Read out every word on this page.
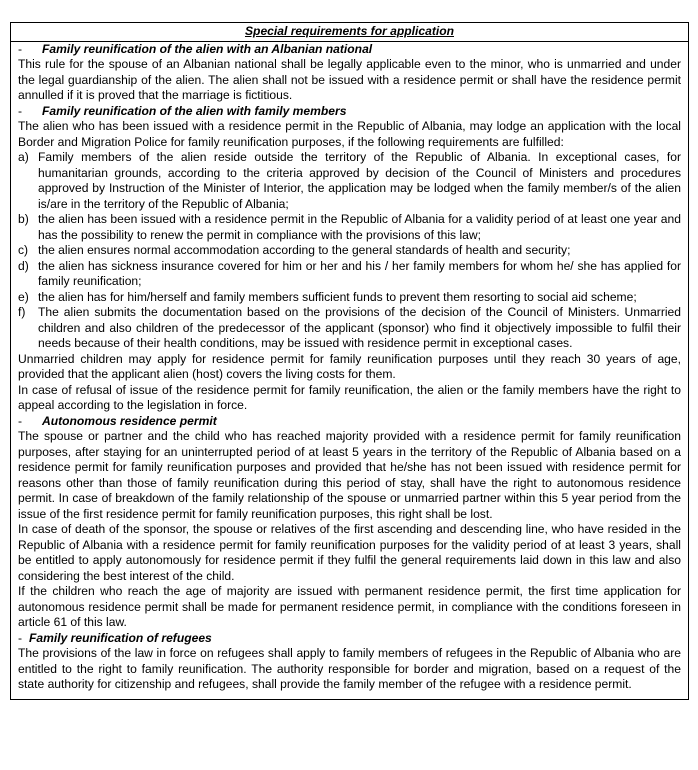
Special requirements for application
-	Family reunification of the alien with an Albanian national

This rule for the spouse of an Albanian national shall be legally applicable even to the minor, who is unmarried and under the legal guardianship of the alien. The alien shall not be issued with a residence permit or shall have the residence permit annulled if it is proved that the marriage is fictitious.

-	Family reunification of the alien with family members

The alien who has been issued with a residence permit in the Republic of Albania, may lodge an application with the local Border and Migration Police for family reunification purposes, if the following requirements are fulfilled:

a) Family members of the alien reside outside the territory of the Republic of Albania. In exceptional cases, for humanitarian grounds, according to the criteria approved by decision of the Council of Ministers and procedures approved by Instruction of the Minister of Interior, the application may be lodged when the family member/s of the alien is/are in the territory of the Republic of Albania;
b) the alien has been issued with a residence permit in the Republic of Albania for a validity period of at least one year and has the possibility to renew the permit in compliance with the provisions of this law;
c) the alien ensures normal accommodation according to the general standards of health and security;
d) the alien has sickness insurance covered for him or her and his / her family members for whom he/ she has applied for family reunification;
e) the alien has for him/herself and family members sufficient funds to prevent them resorting to social aid scheme;
f)	The alien submits the documentation based on the provisions of the decision of the Council of Ministers. Unmarried children and also children of the predecessor of the applicant (sponsor) who find it objectively impossible to fulfil their needs because of their health conditions, may be issued with residence permit in exceptional cases.

Unmarried children may apply for residence permit for family reunification purposes until they reach 30 years of age, provided that the applicant alien (host) covers the living costs for them.

In case of refusal of issue of the residence permit for family reunification, the alien or the family members have the right to appeal according to the legislation in force.

-	Autonomous residence permit

The spouse or partner and the child who has reached majority provided with a residence permit for family reunification purposes, after staying for an uninterrupted period of at least 5 years in the territory of the Republic of Albania based on a residence permit for family reunification purposes and provided that he/she has not been issued with residence permit for reasons other than those of family reunification during this period of stay, shall have the right to autonomous residence permit. In case of breakdown of the family relationship of the spouse or unmarried partner within this 5 year period from the issue of the first residence permit for family reunification purposes, this right shall be lost.

In case of death of the sponsor, the spouse or relatives of the first ascending and descending line, who have resided in the Republic of Albania with a residence permit for family reunification purposes for the validity period of at least 3 years, shall be entitled to apply autonomously for residence permit if they fulfil the general requirements laid down in this law and also considering the best interest of the child.

If the children who reach the age of majority are issued with permanent residence permit, the first time application for autonomous residence permit shall be made for permanent residence permit, in compliance with the conditions foreseen in article 61 of this law.

- Family reunification of refugees

The provisions of the law in force on refugees shall apply to family members of refugees in the Republic of Albania who are entitled to the right to family reunification. The authority responsible for border and migration, based on a request of the state authority for citizenship and refugees, shall provide the family member of the refugee with a residence permit.
